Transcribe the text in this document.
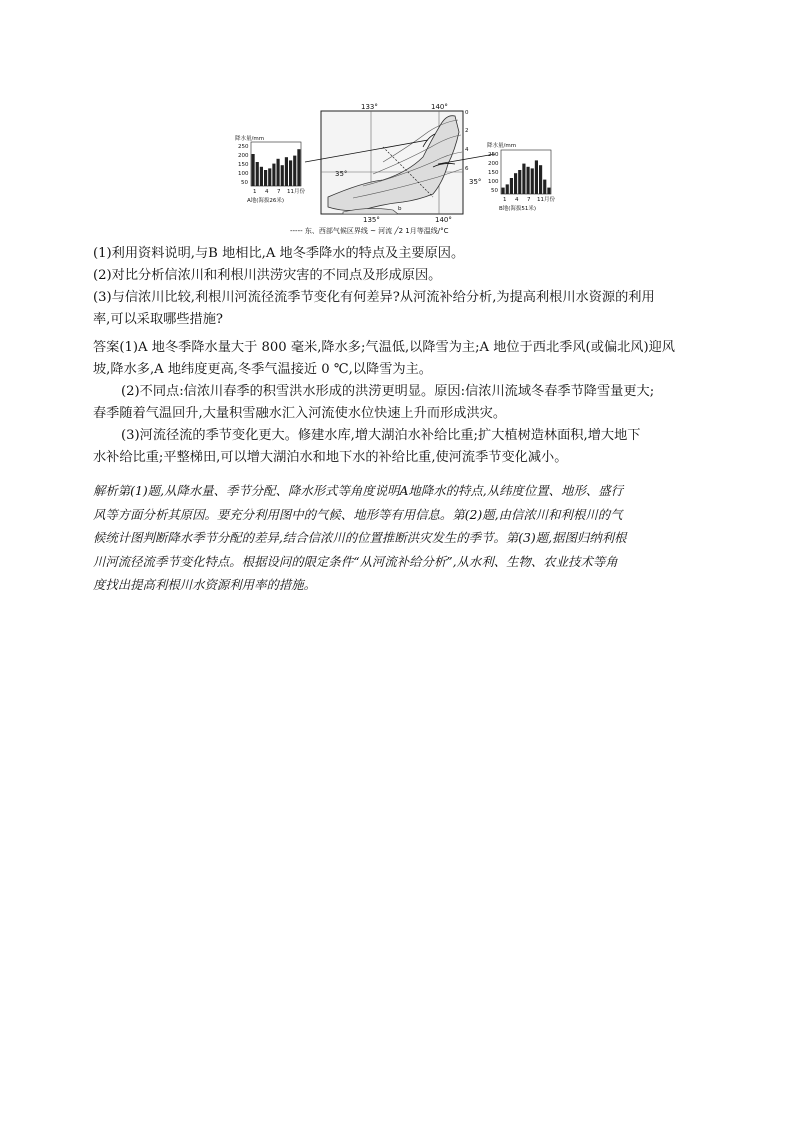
133°	140°
135°	140°
35°
35°
0
2
4
6
b
降水量/mm
250
200
150
100
50
1 4 7 11月份
A地(海拔26米)
降水量/mm
250
200
150
100
50
1 4 7 11月份
B地(海拔51米)
----- 东、西部气候区界线 ~ 河流 ╱2 1月等温线/°C
(1)利用资料说明,与B 地相比,A 地冬季降水的特点及主要原因。
(2)对比分析信浓川和利根川洪涝灾害的不同点及形成原因。
(3)与信浓川比较,利根川河流径流季节变化有何差异?从河流补给分析,为提高利根川水资源的利用
率,可以采取哪些措施?
答案(1)A 地冬季降水量大于 800 毫米,降水多;气温低,以降雪为主;A 地位于西北季风(或偏北风)迎风
坡,降水多,A 地纬度更高,冬季气温接近 0 ℃,以降雪为主。
(2)不同点:信浓川春季的积雪洪水形成的洪涝更明显。原因:信浓川流域冬春季节降雪量更大;
春季随着气温回升,大量积雪融水汇入河流使水位快速上升而形成洪灾。
(3)河流径流的季节变化更大。修建水库,增大湖泊水补给比重;扩大植树造林面积,增大地下
水补给比重;平整梯田,可以增大湖泊水和地下水的补给比重,使河流季节变化减小。
解析第(1)题,从降水量、季节分配、降水形式等角度说明A地降水的特点,从纬度位置、地形、盛行
风等方面分析其原因。要充分利用图中的气候、地形等有用信息。第(2)题,由信浓川和利根川的气
候统计图判断降水季节分配的差异,结合信浓川的位置推断洪灾发生的季节。第(3)题,据图归纳利根
川河流径流季节变化特点。根据设问的限定条件“从河流补给分析”,从水利、生物、农业技术等角
度找出提高利根川水资源利用率的措施。
